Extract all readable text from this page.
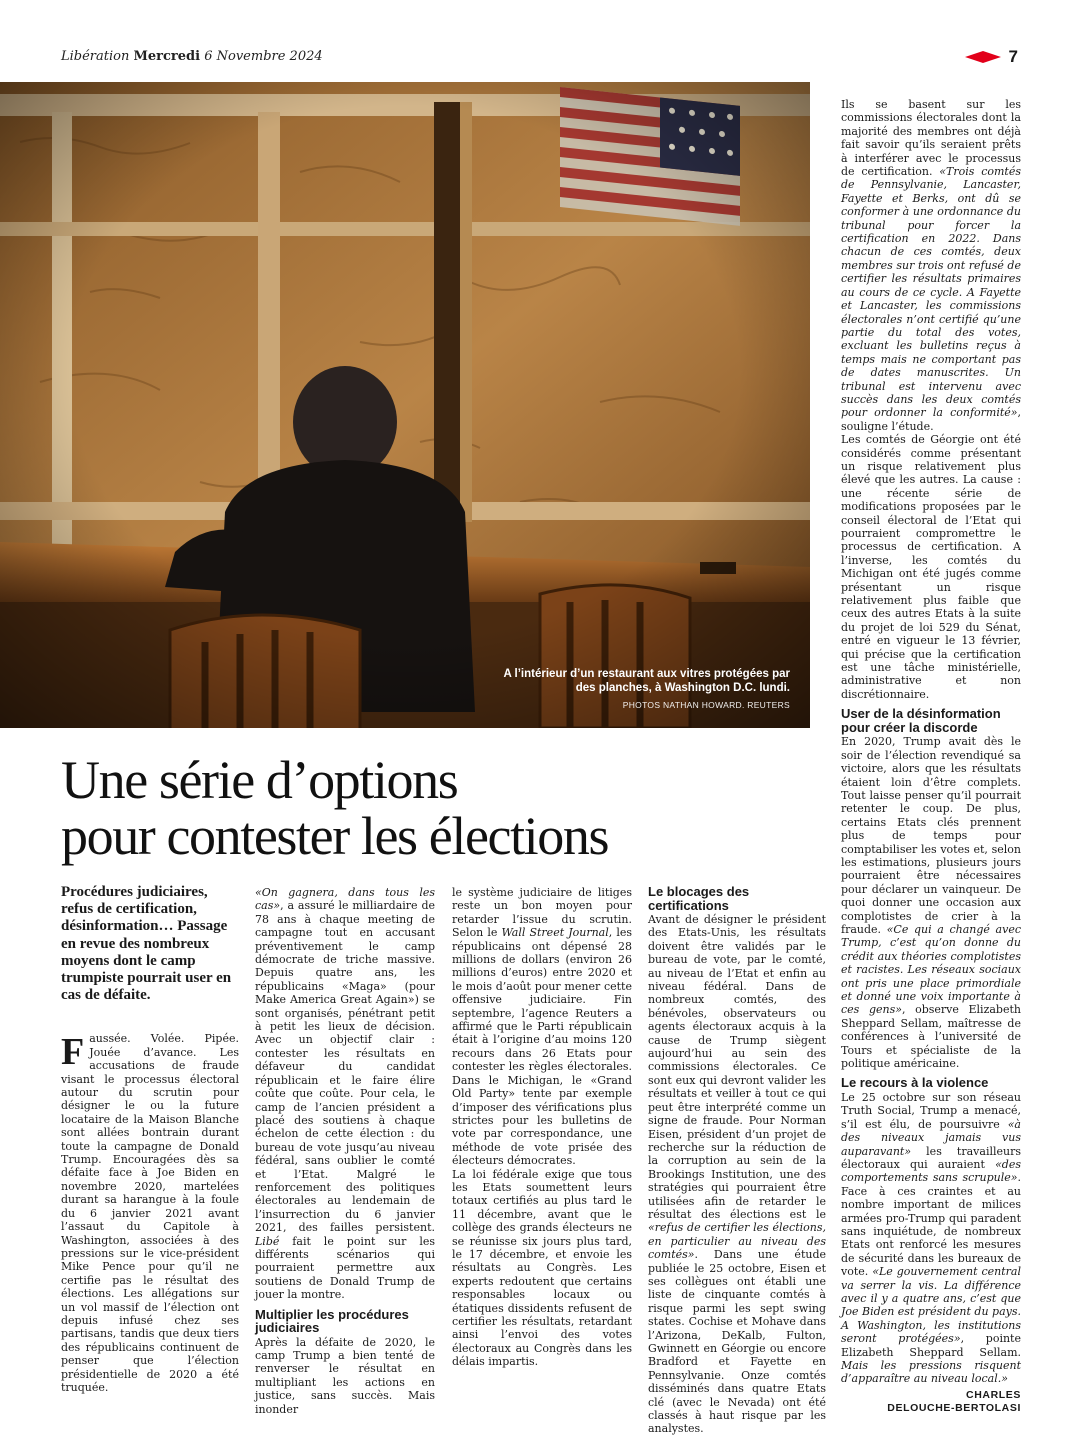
Libération Mercredi 6 Novembre 2024	7
A l’intérieur d’un restaurant aux vitres protégées par des planches, à Washington D.C. lundi.
PHOTOS NATHAN HOWARD. REUTERS
Une série d’options
pour contester les élections

Procédures judiciaires, refus de certification, désinformation… Passage en revue des nombreux moyens dont le camp trumpiste pourrait user en cas de défaite.

Faussée. Volée. Pipée. Jouée d’avance. Les accusations de fraude visant le processus électoral autour du scrutin pour désigner le ou la future locataire de la Maison Blanche sont allées bontrain durant toute la campagne de Donald Trump. Encouragées dès sa défaite face à Joe Biden en novembre 2020, martelées durant sa harangue à la foule du 6 janvier 2021 avant l’assaut du Capitole à Washington, associées à des pressions sur le vice-président Mike Pence pour qu’il ne certifie pas le résultat des élections. Les allégations sur un vol massif de l’élection ont depuis infusé chez ses partisans, tandis que deux tiers des républicains continuent de penser que l’élection présidentielle de 2020 a été truquée.

«On gagnera, dans tous les cas», a assuré le milliardaire de 78 ans à chaque meeting de campagne tout en accusant préventivement le camp démocrate de triche massive. Depuis quatre ans, les républicains «Maga» (pour Make America Great Again») se sont organisés, pénétrant petit à petit les lieux de décision. Avec un objectif clair : contester les résultats en défaveur du candidat républicain et le faire élire coûte que coûte. Pour cela, le camp de l’ancien président a placé des soutiens à chaque échelon de cette élection : du bureau de vote jusqu’au niveau fédéral, sans oublier le comté et l’Etat. Malgré le renforcement des politiques électorales au lendemain de l’insurrection du 6 janvier 2021, des failles persistent. Libé fait le point sur les différents scénarios qui pourraient permettre aux soutiens de Donald Trump de jouer la montre.

Multiplier les procédures judiciaires

Après la défaite de 2020, le camp Trump a bien tenté de renverser le résultat en multipliant les actions en justice, sans succès. Mais inonder

le système judiciaire de litiges reste un bon moyen pour retarder l’issue du scrutin. Selon le Wall Street Journal, les républicains ont dépensé 28 millions de dollars (environ 26 millions d’euros) entre 2020 et le mois d’août pour mener cette offensive judiciaire. Fin septembre, l’agence Reuters a affirmé que le Parti républicain était à l’origine d’au moins 120 recours dans 26 Etats pour contester les règles électorales. Dans le Michigan, le «Grand Old Party» tente par exemple d’imposer des vérifications plus strictes pour les bulletins de vote par correspondance, une méthode de vote prisée des électeurs démocrates.

La loi fédérale exige que tous les Etats soumettent leurs totaux certifiés au plus tard le 11 décembre, avant que le collège des grands électeurs ne se réunisse six jours plus tard, le 17 décembre, et envoie les résultats au Congrès. Les experts redoutent que certains responsables locaux ou étatiques dissidents refusent de certifier les résultats, retardant ainsi l’envoi des votes électoraux au Congrès dans les délais impartis.

Le blocages des certifications

Avant de désigner le président des Etats-Unis, les résultats doivent être validés par le bureau de vote, par le comté, au niveau de l’Etat et enfin au niveau fédéral. Dans de nombreux comtés, des bénévoles, observateurs ou agents électoraux acquis à la cause de Trump siègent aujourd’hui au sein des commissions électorales. Ce sont eux qui devront valider les résultats et veiller à tout ce qui peut être interprété comme un signe de fraude. Pour Norman Eisen, président d’un projet de recherche sur la réduction de la corruption au sein de la Brookings Institution, une des stratégies qui pourraient être utilisées afin de retarder le résultat des élections est le «refus de certifier les élections, en particulier au niveau des comtés». Dans une étude publiée le 25 octobre, Eisen et ses collègues ont établi une liste de cinquante comtés à risque parmi les sept swing states. Cochise et Mohave dans l’Arizona, DeKalb, Fulton, Gwinnett en Géorgie ou encore Bradford et Fayette en Pennsylvanie. Onze comtés disséminés dans quatre Etats clé (avec le Nevada) ont été classés à haut risque par les analystes.

Ils se basent sur les commissions électorales dont la majorité des membres ont déjà fait savoir qu’ils seraient prêts à interférer avec le processus de certification. «Trois comtés de Pennsylvanie, Lancaster, Fayette et Berks, ont dû se conformer à une ordonnance du tribunal pour forcer la certification en 2022. Dans chacun de ces comtés, deux membres sur trois ont refusé de certifier les résultats primaires au cours de ce cycle. A Fayette et Lancaster, les commissions électorales n’ont certifié qu’une partie du total des votes, excluant les bulletins reçus à temps mais ne comportant pas de dates manuscrites. Un tribunal est intervenu avec succès dans les deux comtés pour ordonner la conformité», souligne l’étude.

Les comtés de Géorgie ont été considérés comme présentant un risque relativement plus élevé que les autres. La cause : une récente série de modifications proposées par le conseil électoral de l’Etat qui pourraient compromettre le processus de certification. A l’inverse, les comtés du Michigan ont été jugés comme présentant un risque relativement plus faible que ceux des autres Etats à la suite du projet de loi 529 du Sénat, entré en vigueur le 13 février, qui précise que la certification est une tâche ministérielle, administrative et non discrétionnaire.

User de la désinformation pour créer la discorde

En 2020, Trump avait dès le soir de l’élection revendiqué sa victoire, alors que les résultats étaient loin d’être complets. Tout laisse penser qu’il pourrait retenter le coup. De plus, certains Etats clés prennent plus de temps pour comptabiliser les votes et, selon les estimations, plusieurs jours pourraient être nécessaires pour déclarer un vainqueur. De quoi donner une occasion aux complotistes de crier à la fraude. «Ce qui a changé avec Trump, c’est qu’on donne du crédit aux théories complotistes et racistes. Les réseaux sociaux ont pris une place primordiale et donné une voix importante à ces gens», observe Elizabeth Sheppard Sellam, maîtresse de conférences à l’université de Tours et spécialiste de la politique américaine.

Le recours à la violence

Le 25 octobre sur son réseau Truth Social, Trump a menacé, s’il est élu, de poursuivre «à des niveaux jamais vus auparavant» les travailleurs électoraux qui auraient «des comportements sans scrupule». Face à ces craintes et au nombre important de milices armées pro-Trump qui paradent sans inquiétude, de nombreux Etats ont renforcé les mesures de sécurité dans les bureaux de vote. «Le gouvernement central va serrer la vis. La différence avec il y a quatre ans, c’est que Joe Biden est président du pays. A Washington, les institutions seront protégées», pointe Elizabeth Sheppard Sellam. Mais les pressions risquent d’apparaître au niveau local.»

CHARLES
DELOUCHE-BERTOLASI
